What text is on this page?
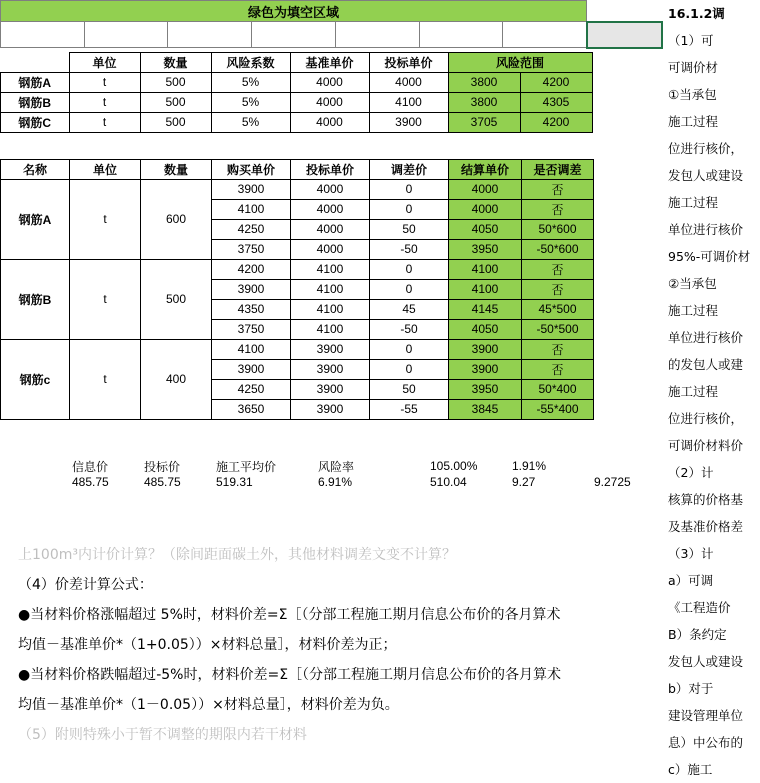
绿色为填空区域							

	单位	数量	风险系数	基准单价	投标单价	风险范围	
钢筋A	t	500	5%	4000	4000	3800	4200
钢筋B	t	500	5%	4000	4100	3800	4305
钢筋C	t	500	5%	4000	3900	3705	4200
名称	单位	数量	购买单价	投标单价	调差价	结算单价	是否调差
钢筋A	t	600	3900	4000	0	4000	否
			4100	4000	0	4000	否
			4250	4000	50	4050	50*600
			3750	4000	-50	3950	-50*600
钢筋B	t	500	4200	4100	0	4100	否
			3900	4100	0	4100	否
			4350	4100	45	4145	45*500
			3750	4100	-50	4050	-50*500
钢筋c	t	400	4100	3900	0	3900	否
			3900	3900	0	3900	否
			4250	3900	50	3950	50*400
			3650	3900	-55	3845	-55*400
	信息价	投标价	施工平均价	风险率	105.00%	1.91%	
	485.75	485.75	519.31	6.91%	510.04	9.27	9.2725

上100m³内计价计算？（除间距面碳土外，其他材料调差文变不计算？

（4）价差计算公式：

●当材料价格涨幅超过 5%时，材料价差=Σ［（分部工程施工期月信息公布价的各月算术

均值－基准单价*（1+0.05））×材料总量］，材料价差为正；

●当材料价格跌幅超过-5%时，材料价差=Σ［（分部工程施工期月信息公布价的各月算术

均值－基准单价*（1－0.05））×材料总量］，材料价差为负。

（5）附则特殊小于暂不调整的期限内若干材料

16.1.2调

（1）可

可调价材

①当承包

施工过程

位进行核价，

发包人或建设

施工过程

单位进行核价

95%-可调价材

②当承包

施工过程

单位进行核价

的发包人或建

施工过程

位进行核价，

可调价材料价

（2）计

核算的价格基

及基准价格差

（3）计

a）可调

《工程造价

B）条约定

发包人或建设

b）对于

建设管理单位

息）中公布的

c）施工
